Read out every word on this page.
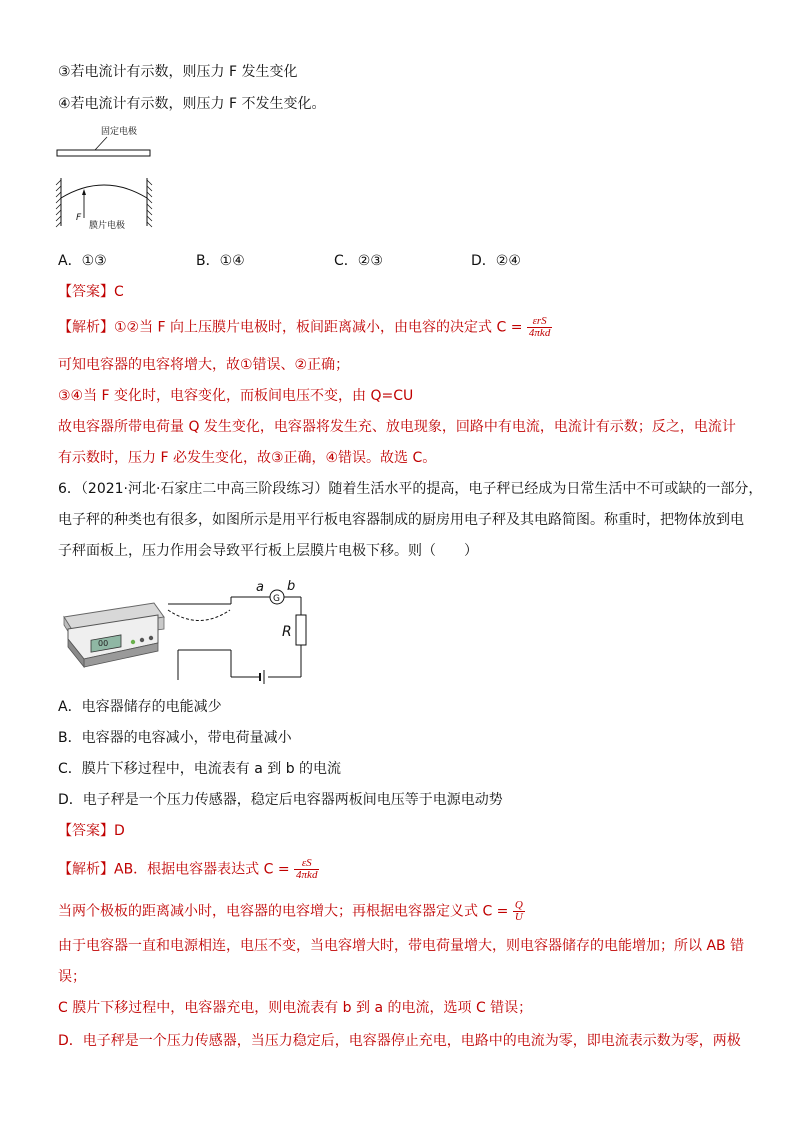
③若电流计有示数，则压力 F 发生变化
④若电流计有示数，则压力 F 不发生变化。
固定电极
F
膜片电极
A．①③	B．①④	C．②③	D．②④
【答案】C
【解析】①②当 F 向上压膜片电极时，板间距离减小，由电容的决定式 $C = \frac{\text{εrS}}{\text{4πkd}}$
可知电容器的电容将增大，故①错误、②正确；
③④当 F 变化时，电容变化，而板间电压不变，由 Q=CU
故电容器所带电荷量 Q 发生变化，电容器将发生充、放电现象，回路中有电流，电流计有示数；反之，电流计
有示数时，压力 F 必发生变化，故③正确，④错误。故选 C。
6．（2021·河北·石家庄二中高三阶段练习）随着生活水平的提高，电子秤已经成为日常生活中不可或缺的一部分，
电子秤的种类也有很多，如图所示是用平行板电容器制成的厨房用电子秤及其电路简图。称重时，把物体放到电
子秤面板上，压力作用会导致平行板上层膜片电极下移。则（　　）
00
G
a b
R
A．电容器储存的电能减少
B．电容器的电容减小，带电荷量减小
C．膜片下移过程中，电流表有 a 到 b 的电流
D．电子秤是一个压力传感器，稳定后电容器两板间电压等于电源电动势
【答案】D
【解析】AB．根据电容器表达式 $C = \frac{\varepsilon S}{\text{4πkd}}$
当两个极板的距离减小时，电容器的电容增大；再根据电容器定义式 $C = \frac{Q}{U}$
由于电容器一直和电源相连，电压不变，当电容增大时，带电荷量增大，则电容器储存的电能增加；所以 AB 错
误；
C 膜片下移过程中，电容器充电，则电流表有 b 到 a 的电流，选项 C 错误；
D．电子秤是一个压力传感器，当压力稳定后，电容器停止充电，电路中的电流为零，即电流表示数为零，两极
